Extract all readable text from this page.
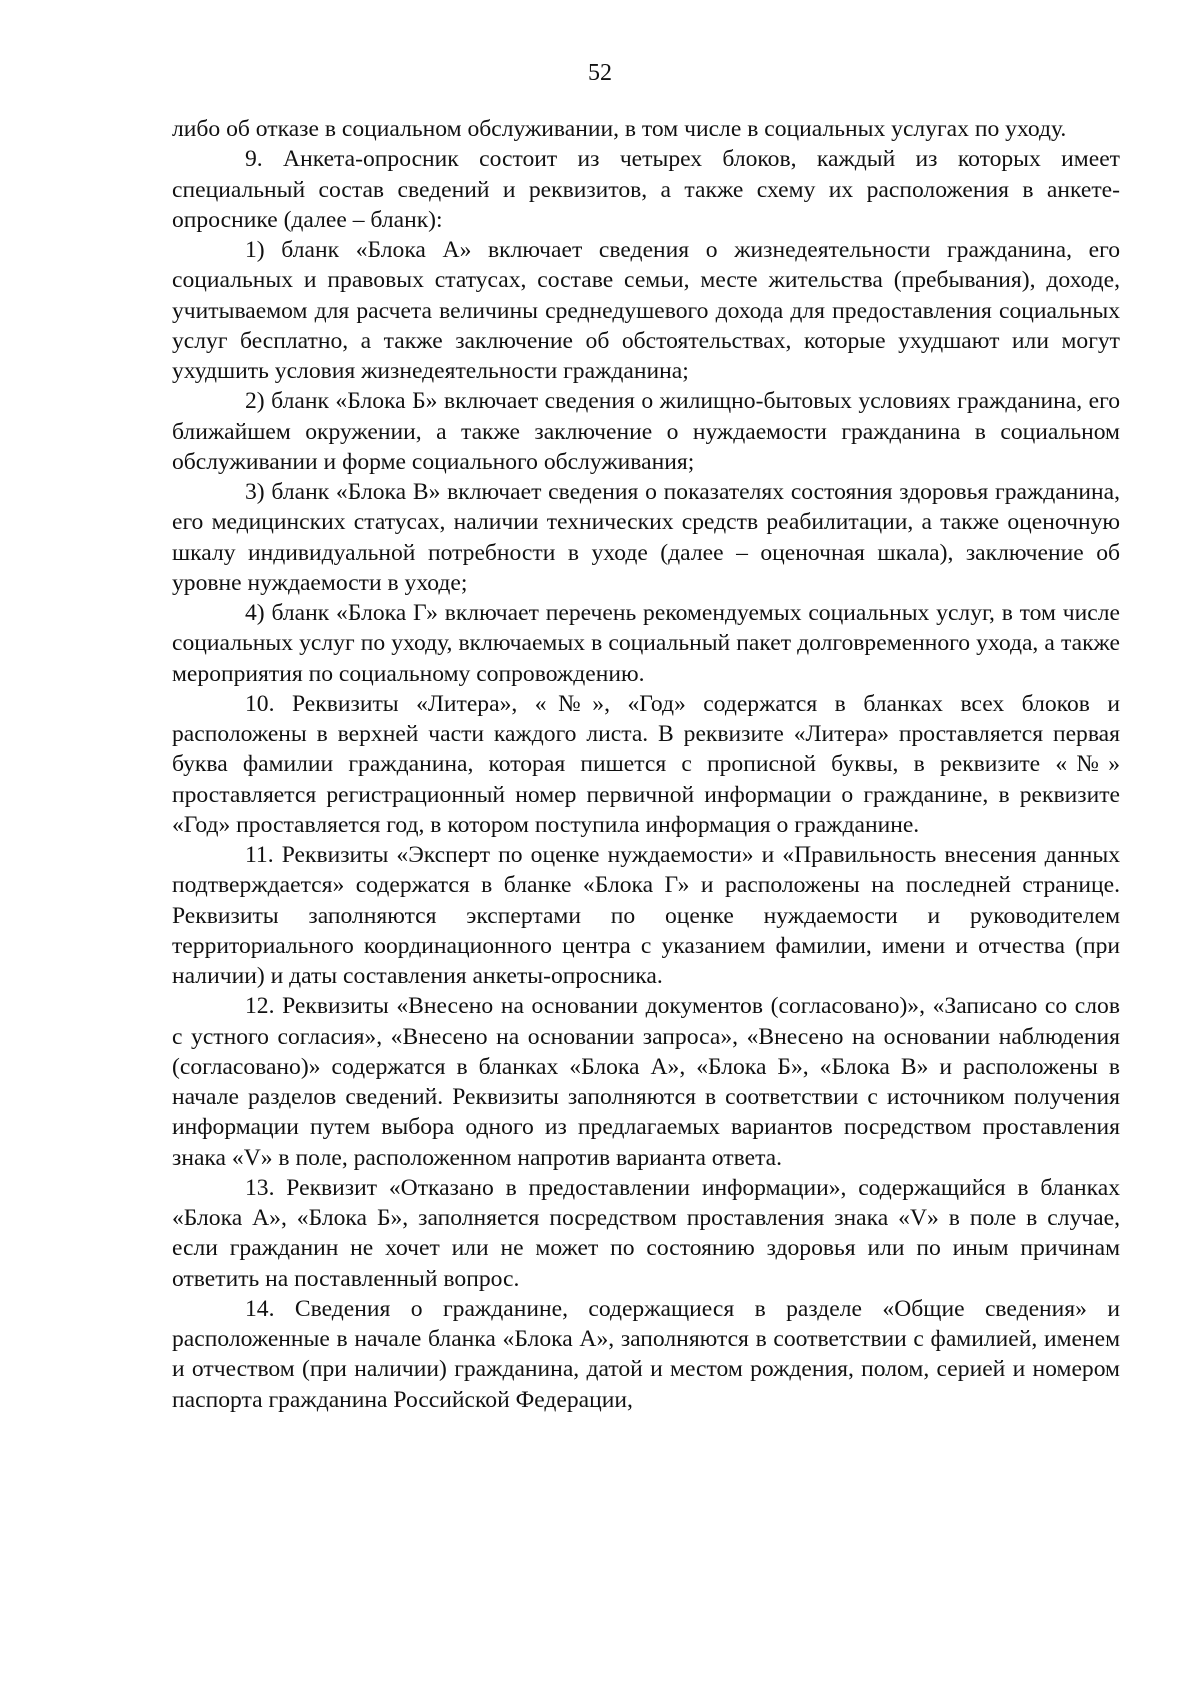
52

либо об отказе в социальном обслуживании, в том числе в социальных услугах по уходу.

9. Анкета-опросник состоит из четырех блоков, каждый из которых имеет специальный состав сведений и реквизитов, а также схему их расположения в анкете-опроснике (далее – бланк):

1) бланк «Блока А» включает сведения о жизнедеятельности гражданина, его социальных и правовых статусах, составе семьи, месте жительства (пребывания), доходе, учитываемом для расчета величины среднедушевого дохода для предоставления социальных услуг бесплатно, а также заключение об обстоятельствах, которые ухудшают или могут ухудшить условия жизнедеятельности гражданина;

2) бланк «Блока Б» включает сведения о жилищно-бытовых условиях гражданина, его ближайшем окружении, а также заключение о нуждаемости гражданина в социальном обслуживании и форме социального обслуживания;

3) бланк «Блока В» включает сведения о показателях состояния здоровья гражданина, его медицинских статусах, наличии технических средств реабилитации, а также оценочную шкалу индивидуальной потребности в уходе (далее – оценочная шкала), заключение об уровне нуждаемости в уходе;

4) бланк «Блока Г» включает перечень рекомендуемых социальных услуг, в том числе социальных услуг по уходу, включаемых в социальный пакет долговременного ухода, а также мероприятия по социальному сопровождению.

10. Реквизиты «Литера», «№», «Год» содержатся в бланках всех блоков и расположены в верхней части каждого листа. В реквизите «Литера» проставляется первая буква фамилии гражданина, которая пишется с прописной буквы, в реквизите «№» проставляется регистрационный номер первичной информации о гражданине, в реквизите «Год» проставляется год, в котором поступила информация о гражданине.

11. Реквизиты «Эксперт по оценке нуждаемости» и «Правильность внесения данных подтверждается» содержатся в бланке «Блока Г» и расположены на последней странице. Реквизиты заполняются экспертами по оценке нуждаемости и руководителем территориального координационного центра с указанием фамилии, имени и отчества (при наличии) и даты составления анкеты-опросника.

12. Реквизиты «Внесено на основании документов (согласовано)», «Записано со слов с устного согласия», «Внесено на основании запроса», «Внесено на основании наблюдения (согласовано)» содержатся в бланках «Блока А», «Блока Б», «Блока В» и расположены в начале разделов сведений. Реквизиты заполняются в соответствии с источником получения информации путем выбора одного из предлагаемых вариантов посредством проставления знака «V» в поле, расположенном напротив варианта ответа.

13. Реквизит «Отказано в предоставлении информации», содержащийся в бланках «Блока А», «Блока Б», заполняется посредством проставления знака «V» в поле в случае, если гражданин не хочет или не может по состоянию здоровья или по иным причинам ответить на поставленный вопрос.

14. Сведения о гражданине, содержащиеся в разделе «Общие сведения» и расположенные в начале бланка «Блока А», заполняются в соответствии с фамилией, именем и отчеством (при наличии) гражданина, датой и местом рождения, полом, серией и номером паспорта гражданина Российской Федерации,
